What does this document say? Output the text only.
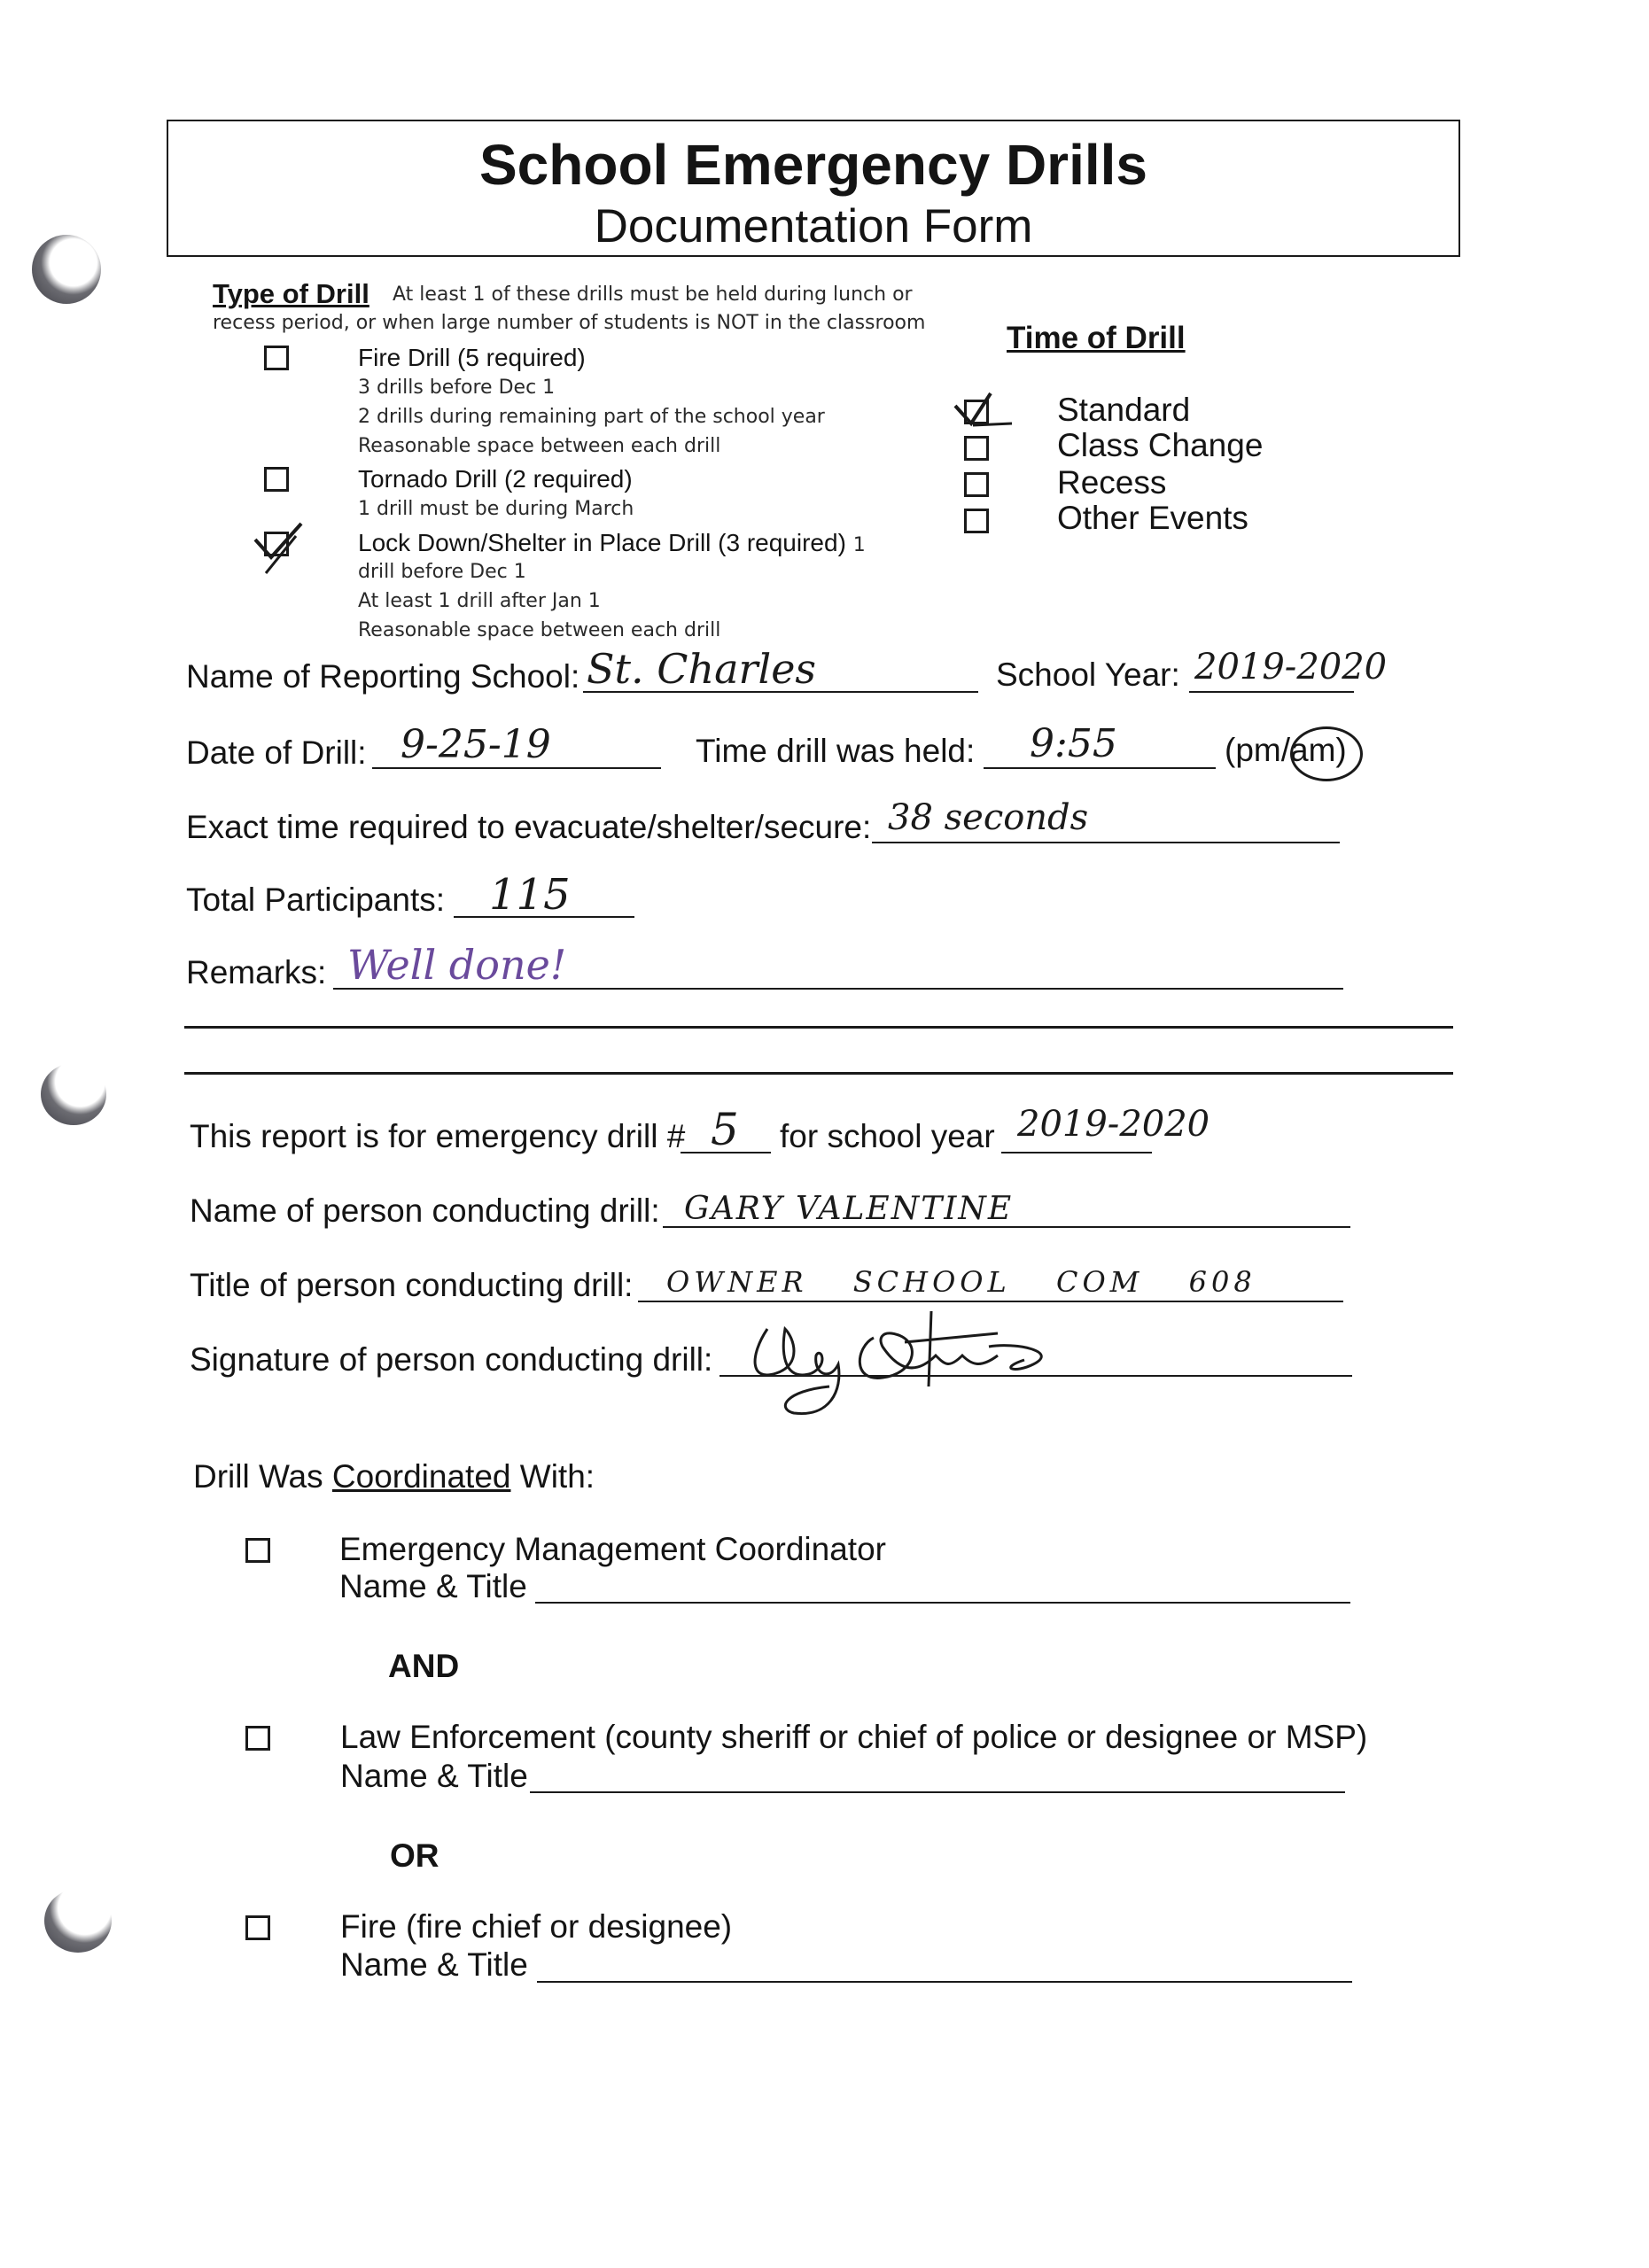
School Emergency Drills
Documentation Form
Type of Drill At least 1 of these drills must be held during lunch or
recess period, or when large number of students is NOT in the classroom
Fire Drill (5 required)
3 drills before Dec 1
2 drills during remaining part of the school year
Reasonable space between each drill
Tornado Drill (2 required)
1 drill must be during March
Lock Down/Shelter in Place Drill (3 required) 1
drill before Dec 1
At least 1 drill after Jan 1
Reasonable space between each drill
Time of Drill
Standard
Class Change
Recess
Other Events
Name of Reporting School: St. Charles	School Year: 2019-2020
Date of Drill: 9-25-19	Time drill was held: 9:55	(pm/am)
Exact time required to evacuate/shelter/secure: 38 seconds
Total Participants: 115
Remarks: Well done!
This report is for emergency drill # 5 for school year 2019-2020
Name of person conducting drill: GARY VALENTINE
Title of person conducting drill: OWNER SCHOOL COM 608
Signature of person conducting drill:
Drill Was Coordinated With:
Emergency Management Coordinator
Name & Title
AND
Law Enforcement (county sheriff or chief of police or designee or MSP)
Name & Title
OR
Fire (fire chief or designee)
Name & Title
